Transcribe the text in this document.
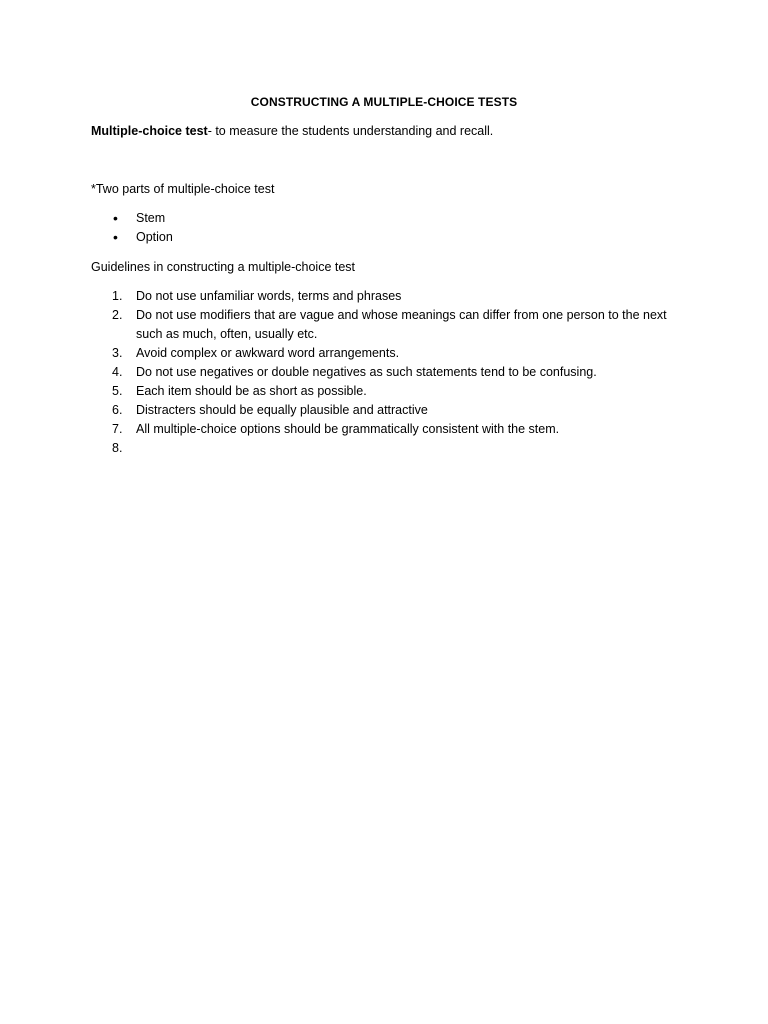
CONSTRUCTING A MULTIPLE-CHOICE TESTS
Multiple-choice test- to measure the students understanding and recall.
*Two parts of multiple-choice test
• Stem
• Option
Guidelines in constructing a multiple-choice test
1. Do not use unfamiliar words, terms and phrases
2. Do not use modifiers that are vague and whose meanings can differ from one person to the next such as much, often, usually etc.
3. Avoid complex or awkward word arrangements.
4. Do not use negatives or double negatives as such statements tend to be confusing.
5. Each item should be as short as possible.
6. Distracters should be equally plausible and attractive
7. All multiple-choice options should be grammatically consistent with the stem.
8.
